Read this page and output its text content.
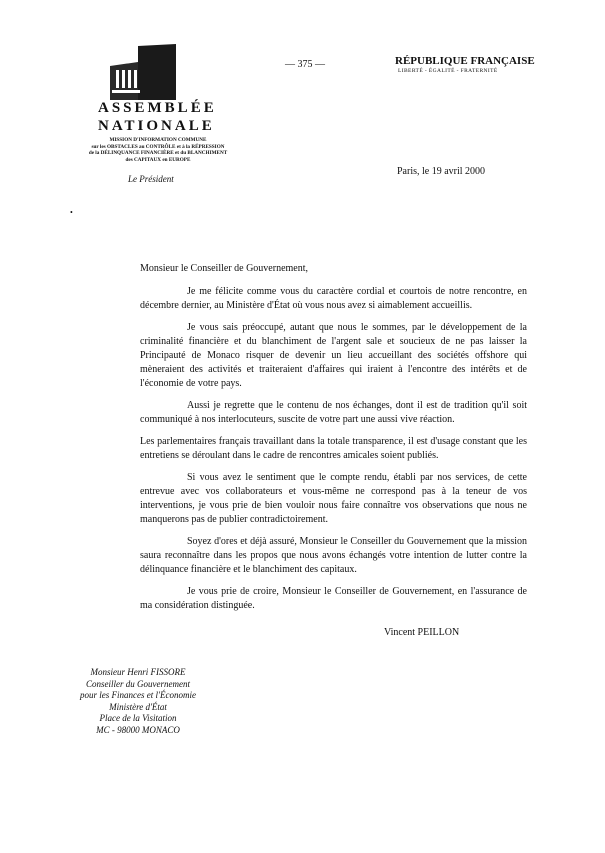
ASSEMBLÉE
NATIONALE
MISSION D'INFORMATION COMMUNE
sur les OBSTACLES au CONTRÔLE et à la RÉPRESSION
de la DÉLINQUANCE FINANCIÈRE et du BLANCHIMENT
des CAPITAUX en EUROPE
Le Président
— 375 —	RÉPUBLIQUE FRANÇAISE
LIBERTÉ - ÉGALITÉ - FRATERNITÉ
Paris, le 19 avril 2000
•

Monsieur le Conseiller de Gouvernement,

Je me félicite comme vous du caractère cordial et courtois de notre rencontre, en décembre dernier, au Ministère d'État où vous nous avez si aimablement accueillis.

Je vous sais préoccupé, autant que nous le sommes, par le développement de la criminalité financière et du blanchiment de l'argent sale et soucieux de ne pas laisser la Principauté de Monaco risquer de devenir un lieu accueillant des sociétés offshore qui mèneraient des activités et traiteraient d'affaires qui iraient à l'encontre des intérêts et de l'économie de votre pays.

Aussi je regrette que le contenu de nos échanges, dont il est de tradition qu'il soit communiqué à nos interlocuteurs, suscite de votre part une aussi vive réaction.

Les parlementaires français travaillant dans la totale transparence, il est d'usage constant que les entretiens se déroulant dans le cadre de rencontres amicales soient publiés.

Si vous avez le sentiment que le compte rendu, établi par nos services, de cette entrevue avec vos collaborateurs et vous-même ne correspond pas à la teneur de vos interventions, je vous prie de bien vouloir nous faire connaître vos observations que nous ne manquerons pas de publier contradictoirement.

Soyez d'ores et déjà assuré, Monsieur le Conseiller du Gouvernement que la mission saura reconnaître dans les propos que nous avons échangés votre intention de lutter contre la délinquance financière et le blanchiment des capitaux.

Je vous prie de croire, Monsieur le Conseiller de Gouvernement, en l'assurance de ma considération distinguée.

Vincent PEILLON
Monsieur Henri FISSORE
Conseiller du Gouvernement
pour les Finances et l'Économie
Ministère d'État
Place de la Visitation
MC - 98000 MONACO
